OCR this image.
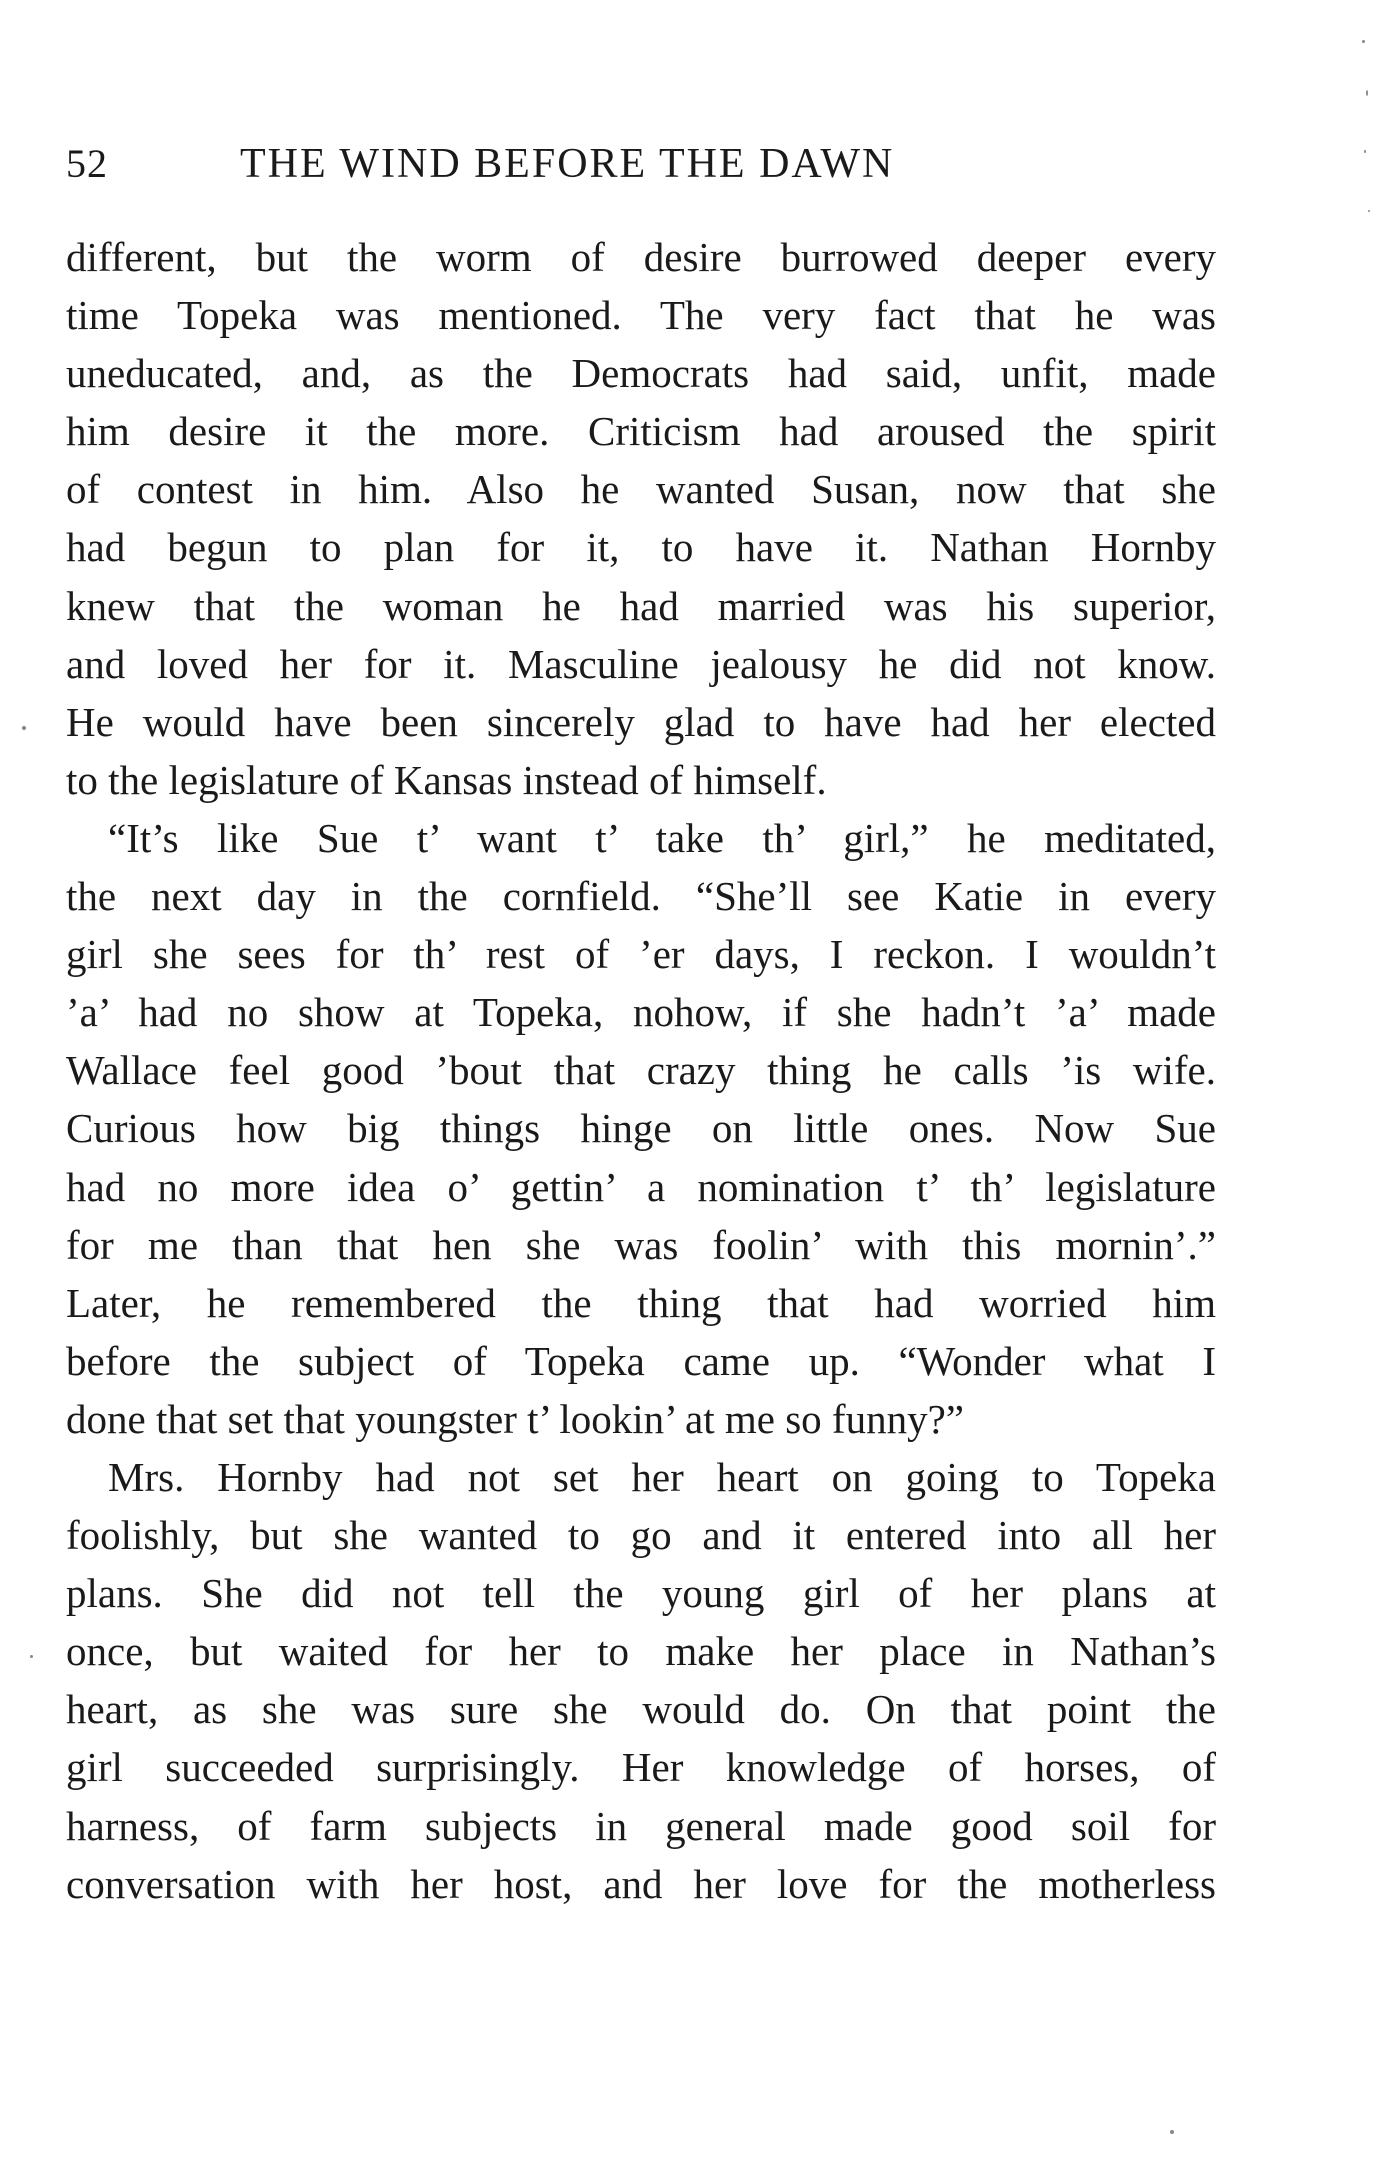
52	THE WIND BEFORE THE DAWN
different, but the worm of desire burrowed deeper every
time Topeka was mentioned. The very fact that he was
uneducated, and, as the Democrats had said, unfit, made
him desire it the more. Criticism had aroused the spirit
of contest in him. Also he wanted Susan, now that she
had begun to plan for it, to have it. Nathan Hornby
knew that the woman he had married was his superior,
and loved her for it. Masculine jealousy he did not know.
He would have been sincerely glad to have had her elected
to the legislature of Kansas instead of himself.
“It’s like Sue t’ want t’ take th’ girl,” he meditated,
the next day in the cornfield. “She’ll see Katie in every
girl she sees for th’ rest of ’er days, I reckon. I wouldn’t
’a’ had no show at Topeka, nohow, if she hadn’t ’a’ made
Wallace feel good ’bout that crazy thing he calls ’is wife.
Curious how big things hinge on little ones. Now Sue
had no more idea o’ gettin’ a nomination t’ th’ legislature
for me than that hen she was foolin’ with this mornin’.”
Later, he remembered the thing that had worried him
before the subject of Topeka came up. “Wonder what I
done that set that youngster t’ lookin’ at me so funny?”
Mrs. Hornby had not set her heart on going to Topeka
foolishly, but she wanted to go and it entered into all her
plans. She did not tell the young girl of her plans at
once, but waited for her to make her place in Nathan’s
heart, as she was sure she would do. On that point the
girl succeeded surprisingly. Her knowledge of horses, of
harness, of farm subjects in general made good soil for
conversation with her host, and her love for the motherless
